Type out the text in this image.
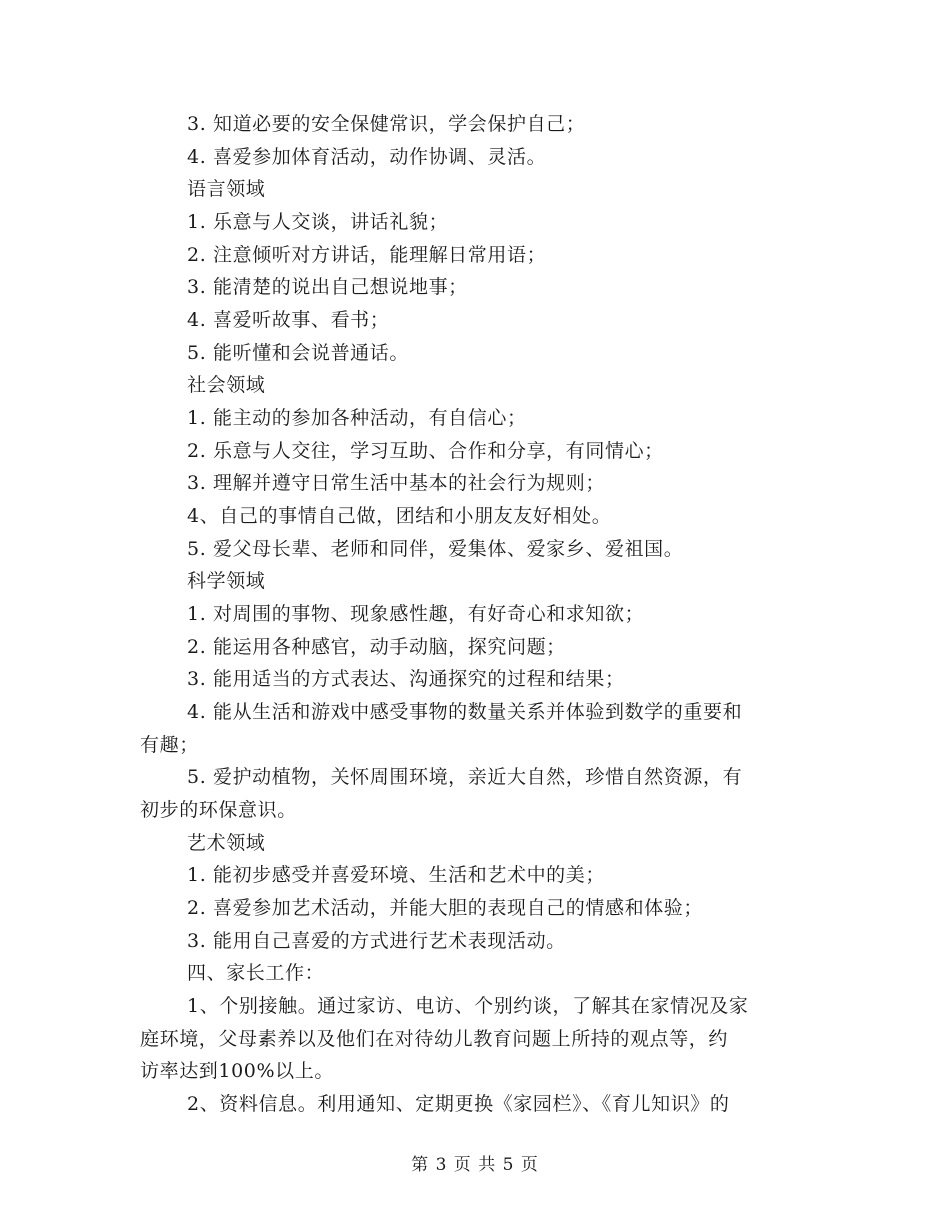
3. 知道必要的安全保健常识，学会保护自己；
4. 喜爱参加体育活动，动作协调、灵活。
语言领域
1. 乐意与人交谈，讲话礼貌；
2. 注意倾听对方讲话，能理解日常用语；
3. 能清楚的说出自己想说地事；
4. 喜爱听故事、看书；
5. 能听懂和会说普通话。
社会领域
1. 能主动的参加各种活动，有自信心；
2. 乐意与人交往，学习互助、合作和分享，有同情心；
3. 理解并遵守日常生活中基本的社会行为规则；
4、自己的事情自己做，团结和小朋友友好相处。
5. 爱父母长辈、老师和同伴，爱集体、爱家乡、爱祖国。
科学领域
1. 对周围的事物、现象感性趣，有好奇心和求知欲；
2. 能运用各种感官，动手动脑，探究问题；
3. 能用适当的方式表达、沟通探究的过程和结果；
4. 能从生活和游戏中感受事物的数量关系并体验到数学的重要和
有趣；
5. 爱护动植物，关怀周围环境，亲近大自然，珍惜自然资源，有
初步的环保意识。
艺术领域
1. 能初步感受并喜爱环境、生活和艺术中的美；
2. 喜爱参加艺术活动，并能大胆的表现自己的情感和体验；
3. 能用自己喜爱的方式进行艺术表现活动。
四、家长工作：
1、个别接触。通过家访、电访、个别约谈，了解其在家情况及家
庭环境，父母素养以及他们在对待幼儿教育问题上所持的观点等，约
访率达到100%以上。
2、资料信息。利用通知、定期更换《家园栏》、《育儿知识》的
第 3 页 共 5 页
